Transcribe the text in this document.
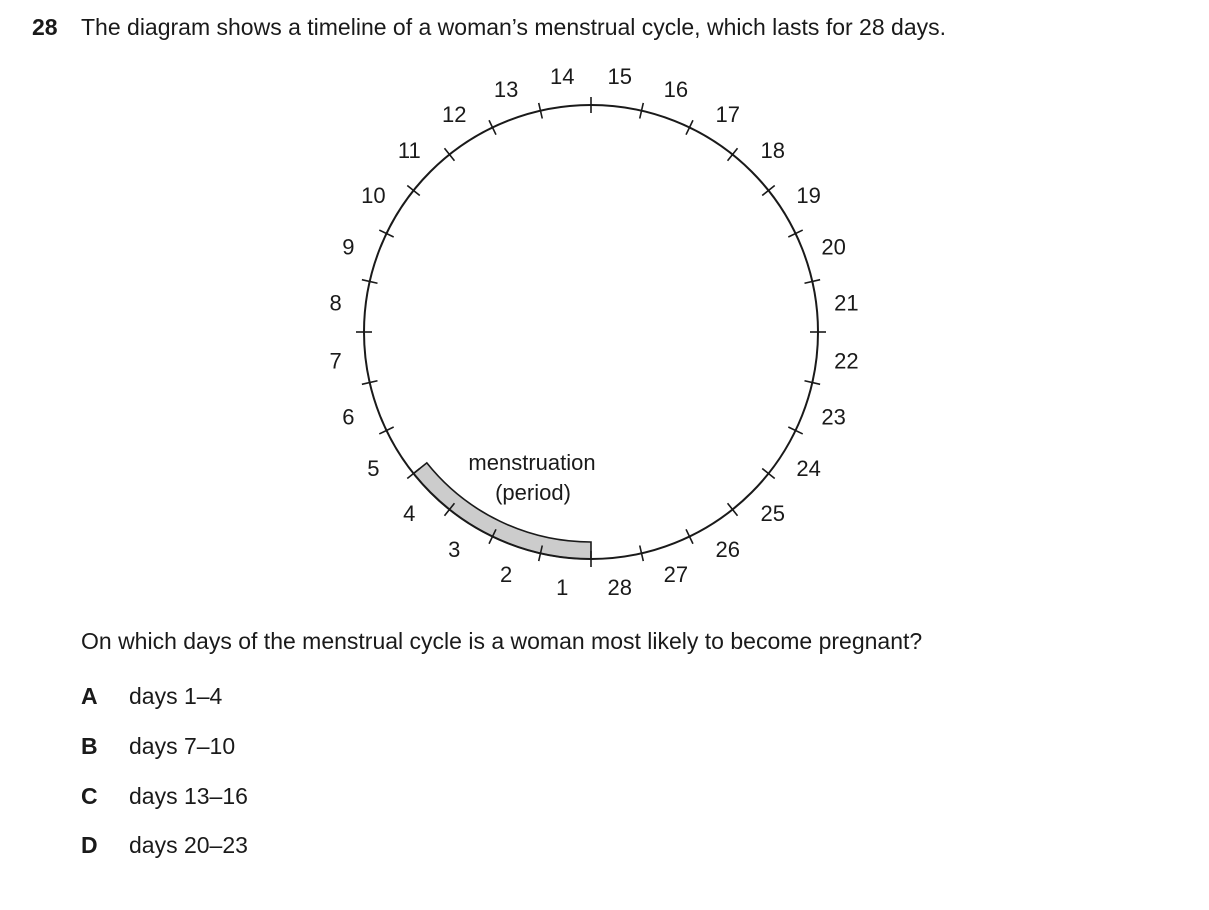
28 The diagram shows a timeline of a woman’s menstrual cycle, which lasts for 28 days.
1
2
3
4
5
6
7
8
9
10
11
12
13
14 15
16
17
18
19
20
21
22
23
24
25
26
27
28
menstruation
(period)
On which days of the menstrual cycle is a woman most likely to become pregnant?
A	days 1–4
B	days 7–10
C	days 13–16
D	days 20–23
